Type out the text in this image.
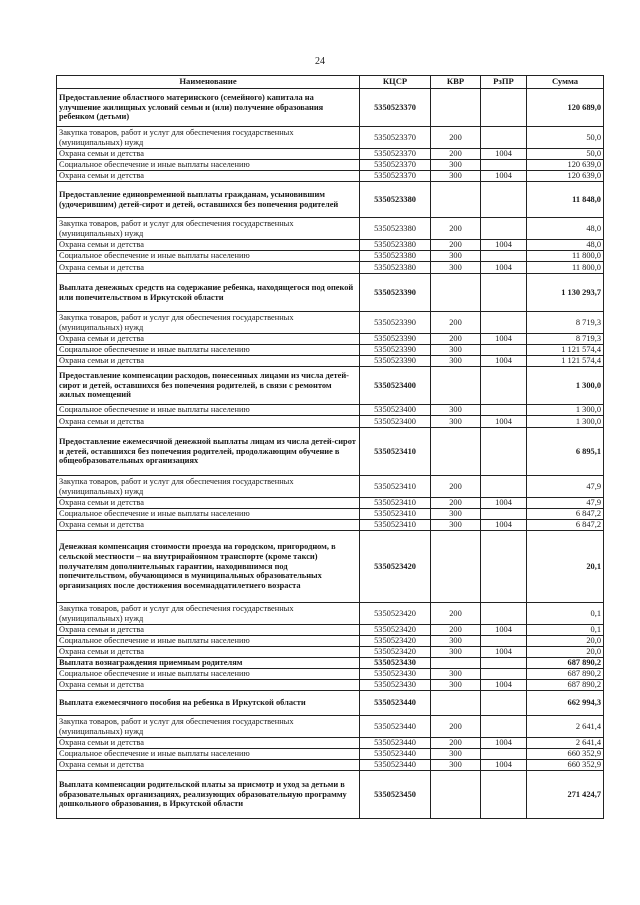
24
Наименование	КЦСР	КВР	РзПР	Сумма
Предоставление областного материнского (семейного) капитала на улучшение жилищных условий семьи и (или) получение образования ребенком (детьми)	5350523370			120 689,0
Закупка товаров, работ и услуг для обеспечения государственных (муниципальных) нужд	5350523370	200		50,0
Охрана семьи и детства	5350523370	200	1004	50,0
Социальное обеспечение и иные выплаты населению	5350523370	300		120 639,0
Охрана семьи и детства	5350523370	300	1004	120 639,0
Предоставление единовременной выплаты гражданам, усыновившим (удочерившим) детей-сирот и детей, оставшихся без попечения родителей	5350523380			11 848,0
Закупка товаров, работ и услуг для обеспечения государственных (муниципальных) нужд	5350523380	200		48,0
Охрана семьи и детства	5350523380	200	1004	48,0
Социальное обеспечение и иные выплаты населению	5350523380	300		11 800,0
Охрана семьи и детства	5350523380	300	1004	11 800,0
Выплата денежных средств на содержание ребенка, находящегося под опекой или попечительством в Иркутской области	5350523390			1 130 293,7
Закупка товаров, работ и услуг для обеспечения государственных (муниципальных) нужд	5350523390	200		8 719,3
Охрана семьи и детства	5350523390	200	1004	8 719,3
Социальное обеспечение и иные выплаты населению	5350523390	300		1 121 574,4
Охрана семьи и детства	5350523390	300	1004	1 121 574,4
Предоставление компенсации расходов, понесенных лицами из числа детей-сирот и детей, оставшихся без попечения родителей, в связи с ремонтом жилых помещений	5350523400			1 300,0
Социальное обеспечение и иные выплаты населению	5350523400	300		1 300,0
Охрана семьи и детства	5350523400	300	1004	1 300,0
Предоставление ежемесячной денежной выплаты лицам из числа детей-сирот и детей, оставшихся без попечения родителей, продолжающим обучение в общеобразовательных организациях	5350523410			6 895,1
Закупка товаров, работ и услуг для обеспечения государственных (муниципальных) нужд	5350523410	200		47,9
Охрана семьи и детства	5350523410	200	1004	47,9
Социальное обеспечение и иные выплаты населению	5350523410	300		6 847,2
Охрана семьи и детства	5350523410	300	1004	6 847,2
Денежная компенсация стоимости проезда на городском, пригородном, в сельской местности – на внутрирайонном транспорте (кроме такси) получателям дополнительных гарантии, находившимся под попечительством, обучающимся в муниципальных образовательных организациях после достижения восемнадцатилетнего возраста	5350523420			20,1
Закупка товаров, работ и услуг для обеспечения государственных (муниципальных) нужд	5350523420	200		0,1
Охрана семьи и детства	5350523420	200	1004	0,1
Социальное обеспечение и иные выплаты населению	5350523420	300		20,0
Охрана семьи и детства	5350523420	300	1004	20,0
Выплата вознаграждения приемным родителям	5350523430			687 890,2
Социальное обеспечение и иные выплаты населению	5350523430	300		687 890,2
Охрана семьи и детства	5350523430	300	1004	687 890,2
Выплата ежемесячного пособия на ребенка в Иркутской области	5350523440			662 994,3
Закупка товаров, работ и услуг для обеспечения государственных (муниципальных) нужд	5350523440	200		2 641,4
Охрана семьи и детства	5350523440	200	1004	2 641,4
Социальное обеспечение и иные выплаты населению	5350523440	300		660 352,9
Охрана семьи и детства	5350523440	300	1004	660 352,9
Выплата компенсации родительской платы за присмотр и уход за детьми в образовательных организациях, реализующих образовательную программу дошкольного образования, в Иркутской области	5350523450			271 424,7
